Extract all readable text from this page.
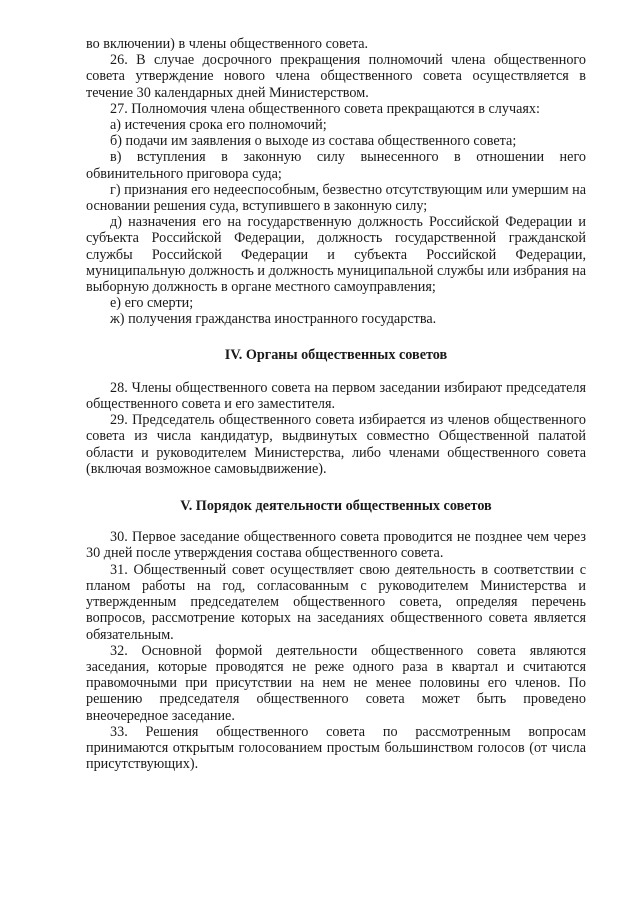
во включении) в члены общественного совета.

26. В случае досрочного прекращения полномочий члена общественного совета утверждение нового члена общественного совета осуществляется в течение 30 календарных дней Министерством.

27. Полномочия члена общественного совета прекращаются в случаях:

а) истечения срока его полномочий;

б) подачи им заявления о выходе из состава общественного совета;

в) вступления в законную силу вынесенного в отношении него обвинительного приговора суда;

г) признания его недееспособным, безвестно отсутствующим или умершим на основании решения суда, вступившего в законную силу;

д) назначения его на государственную должность Российской Федерации и субъекта Российской Федерации, должность государственной гражданской службы Российской Федерации и субъекта Российской Федерации, муниципальную должность и должность муниципальной службы или избрания на выборную должность в органе местного самоуправления;

е) его смерти;

ж) получения гражданства иностранного государства.

IV. Органы общественных советов

28. Члены общественного совета на первом заседании избирают председателя общественного совета и его заместителя.

29. Председатель общественного совета избирается из членов общественного совета из числа кандидатур, выдвинутых совместно Общественной палатой области и руководителем Министерства, либо членами общественного совета (включая возможное самовыдвижение).

V. Порядок деятельности общественных советов

30. Первое заседание общественного совета проводится не позднее чем через 30 дней после утверждения состава общественного совета.

31. Общественный совет осуществляет свою деятельность в соответствии с планом работы на год, согласованным с руководителем Министерства и утвержденным председателем общественного совета, определяя перечень вопросов, рассмотрение которых на заседаниях общественного совета является обязательным.

32. Основной формой деятельности общественного совета являются заседания, которые проводятся не реже одного раза в квартал и считаются правомочными при присутствии на нем не менее половины его членов. По решению председателя общественного совета может быть проведено внеочередное заседание.

33. Решения общественного совета по рассмотренным вопросам принимаются открытым голосованием простым большинством голосов (от числа присутствующих).
